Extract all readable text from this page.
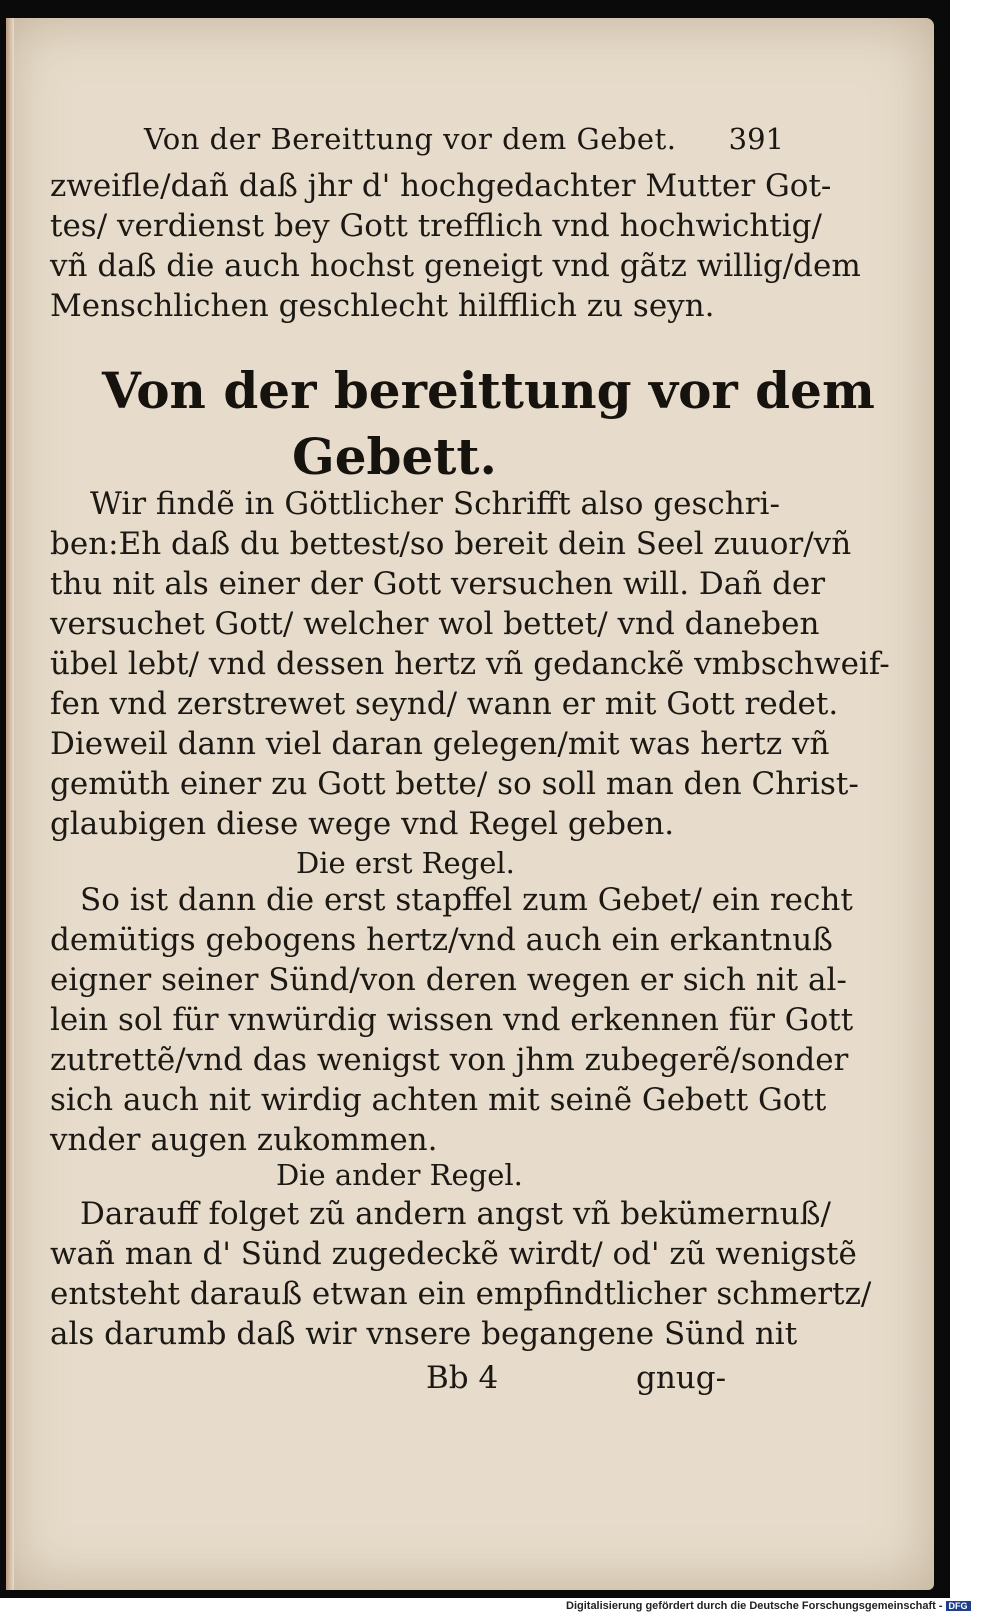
Von der Bereittung vor dem Gebet. 391
zweifle/dañ daß jhr d' hochgedachter Mutter Got-
tes/ verdienst bey Gott trefflich vnd hochwichtig/
vñ daß die auch hochst geneigt vnd gãtz willig/dem
Menschlichen geschlecht hilfflich zu seyn.
Von der bereittung vor dem
Gebett.
Wir findẽ in Göttlicher Schrifft also geschri-
ben:Eh daß du bettest/so bereit dein Seel zuuor/vñ
thu nit als einer der Gott versuchen will. Dañ der
versuchet Gott/ welcher wol bettet/ vnd daneben
übel lebt/ vnd dessen hertz vñ gedanckẽ vmbschweif-
fen vnd zerstrewet seynd/ wann er mit Gott redet.
Dieweil dann viel daran gelegen/mit was hertz vñ
gemüth einer zu Gott bette/ so soll man den Christ-
glaubigen diese wege vnd Regel geben.
Die erst Regel.
So ist dann die erst stapffel zum Gebet/ ein recht
demütigs gebogens hertz/vnd auch ein erkantnuß
eigner seiner Sünd/von deren wegen er sich nit al-
lein sol für vnwürdig wissen vnd erkennen für Gott
zutrettẽ/vnd das wenigst von jhm zubegerẽ/sonder
sich auch nit wirdig achten mit seinẽ Gebett Gott
vnder augen zukommen.
Die ander Regel.
Darauff folget zũ andern angst vñ bekümernuß/
wañ man d' Sünd zugedeckẽ wirdt/ od' zũ wenigstẽ
entsteht darauß etwan ein empfindtlicher schmertz/
als darumb daß wir vnsere begangene Sünd nit
Bb 4	gnug-
Digitalisierung gefördert durch die Deutsche Forschungsgemeinschaft - DFG
